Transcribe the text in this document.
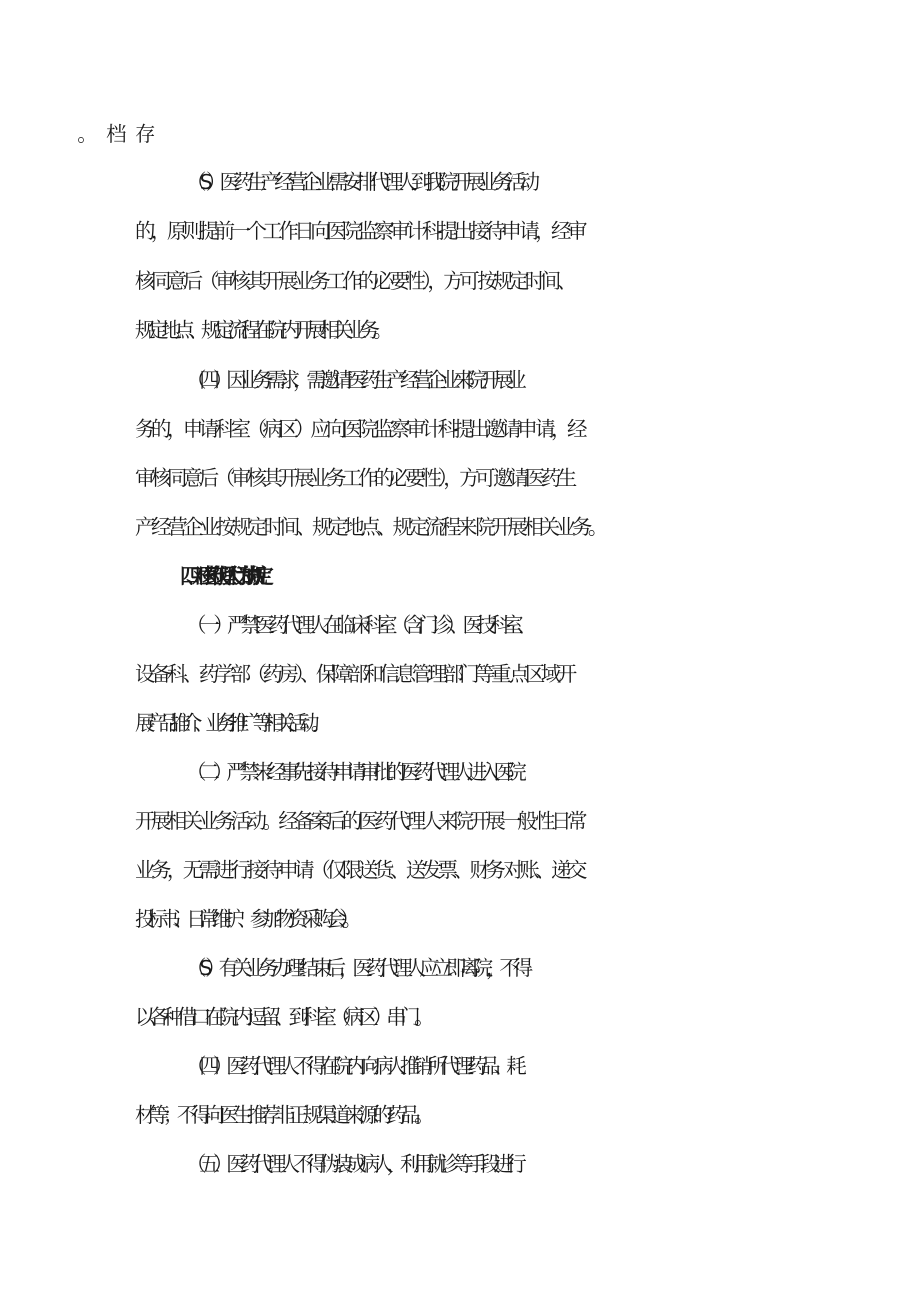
（S）医药生产经营企业需安排代理人到我院开展业务 活动
的，原则提前一个工作日向医院监察审计科提出接待申 请，经审
核同意后（审核其开展业务工作的必要性），方可 按规定时间、
规定地点、规定流程在院内开展相关业务。
（四）因业务需求，需邀请医药生产经营企业来院开展 业
务的，申请科室（病区）应向医院监察审计科提出邀请申 请，经
审核同意后（审核其开展业务工作的必要性），方可 邀请医药生
产经营企业按规定时间、规定地点、规定流程来 院开展相关业务。
四、对医药代理人行为的规定
（一）严禁医药代理人在临床科室（含门诊）、医技科 室、
设备科、药学部（药房）、保障部和信息管理部门等重 点区域开
展产品推介、业务推广等相关活动。
（二）严禁未经事先接待申请审批的医药代理人进入医 院
开展相关业务活动。经备案后的医药代理人来院开展一般 性日常
业务，无需进行接待申请（仅限送货、送发票、财务 对账、递交
投标书、日常维护、参加物资采购会）。
（S）有关业务办理结束后，医药代理人应立即离院，不得
以各种借口在院内逗留、到科室（病区）串门。
（四）医药代理人不得在院内向病人推销所代理药品、 耗
材等；不得向医生推荐非正规渠道来源的药品。
（五）医药代理人不得伪装成病人，利用就诊等手段进 行
